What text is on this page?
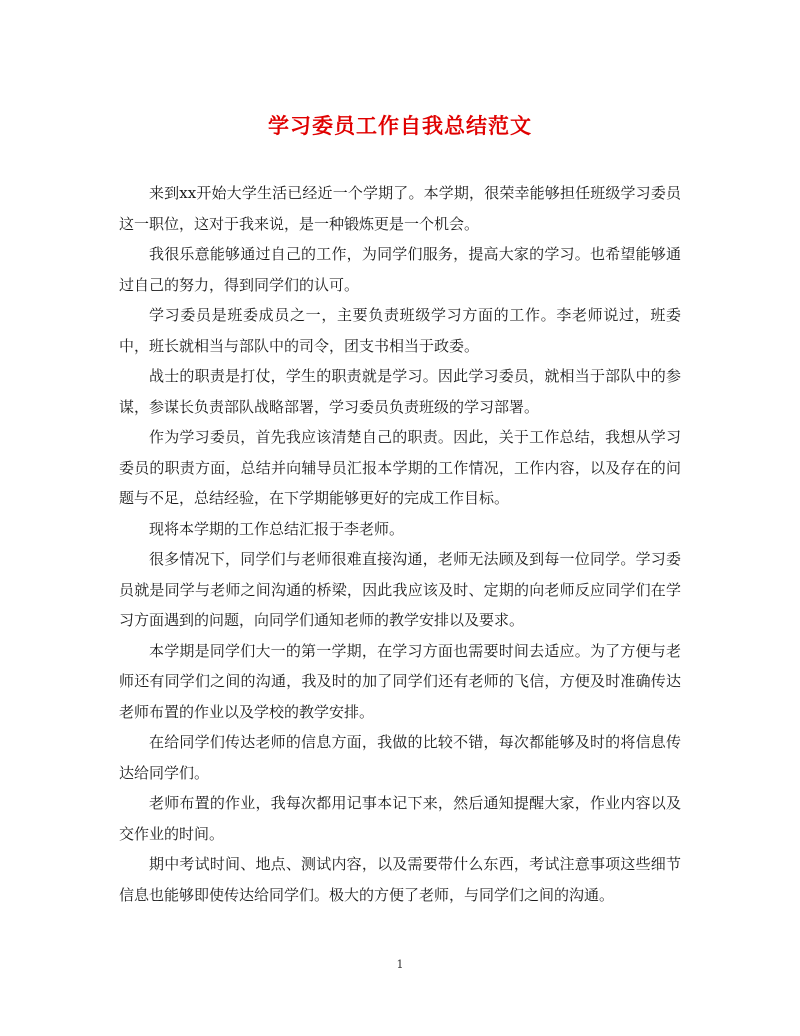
学习委员工作自我总结范文

来到xx开始大学生活已经近一个学期了。本学期，很荣幸能够担任班级学习委员这一职位，这对于我来说，是一种锻炼更是一个机会。

我很乐意能够通过自己的工作，为同学们服务，提高大家的学习。也希望能够通过自己的努力，得到同学们的认可。

学习委员是班委成员之一，主要负责班级学习方面的工作。李老师说过，班委中，班长就相当与部队中的司令，团支书相当于政委。

战士的职责是打仗，学生的职责就是学习。因此学习委员，就相当于部队中的参谋，参谋长负责部队战略部署，学习委员负责班级的学习部署。

作为学习委员，首先我应该清楚自己的职责。因此，关于工作总结，我想从学习委员的职责方面，总结并向辅导员汇报本学期的工作情况，工作内容，以及存在的问题与不足，总结经验，在下学期能够更好的完成工作目标。

现将本学期的工作总结汇报于李老师。

很多情况下，同学们与老师很难直接沟通，老师无法顾及到每一位同学。学习委员就是同学与老师之间沟通的桥梁，因此我应该及时、定期的向老师反应同学们在学习方面遇到的问题，向同学们通知老师的教学安排以及要求。

本学期是同学们大一的第一学期，在学习方面也需要时间去适应。为了方便与老师还有同学们之间的沟通，我及时的加了同学们还有老师的飞信，方便及时准确传达老师布置的作业以及学校的教学安排。

在给同学们传达老师的信息方面，我做的比较不错，每次都能够及时的将信息传达给同学们。

老师布置的作业，我每次都用记事本记下来，然后通知提醒大家，作业内容以及交作业的时间。

期中考试时间、地点、测试内容，以及需要带什么东西，考试注意事项这些细节信息也能够即使传达给同学们。极大的方便了老师，与同学们之间的沟通。

1
